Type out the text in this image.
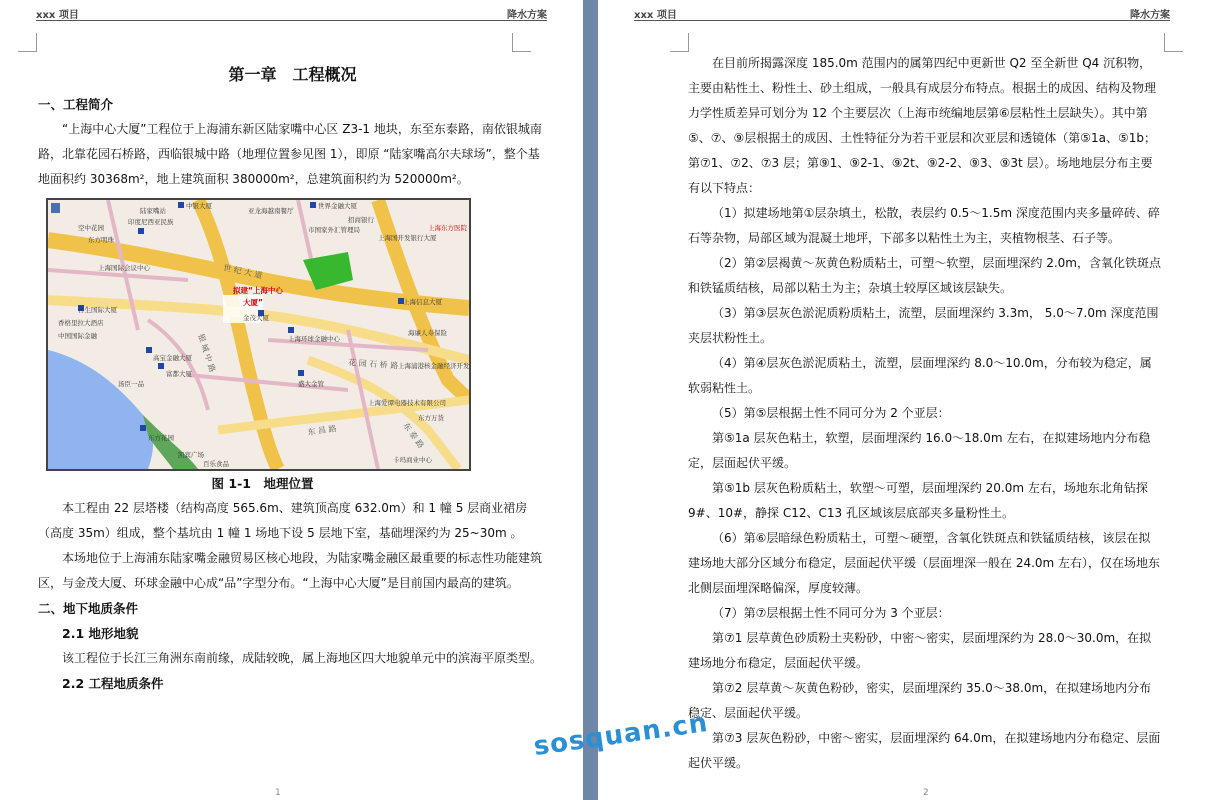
xxx 项目	降水方案
第一章　工程概况

一、工程简介

“上海中心大厦”工程位于上海浦东新区陆家嘴中心区 Z3-1 地块，东至东泰路，南依银城南路，北靠花园石桥路，西临银城中路（地理位置参见图 1），即原 “陆家嘴高尔夫球场”，整个基地面积约 30368m²，地上建筑面积 380000m²，总建筑面积约为 520000m²。

中银大厦
陆家嘴站
世界金融大厦
亚龙海越南餐厅
印度尼西亚民族	招商银行
市国家外汇管理局
上海国开发银行大厦
上海东方医院
空中花园
东方明珠
上海国际会议中心
合生国际大厦
上海信息大厦
金茂大厦
上海环球金融中心
海廉人寿保险
香格里拉大酒店
中国国际金融
高宝金融大厦
富都大厦
汤臣一品	盛大金管
上海浦港核金融经济开发区
上海爱谭电器技术有限公司
东方万货
东方花园
凯宾广场
百乐食品	卡玛商业中心
拟建“上海中心
大厦”
世 纪 大 道
银 城 中 路
东 昌 路	东 泰 路
花 园 石 桥 路

图 1-1　地理位置

本工程由 22 层塔楼（结构高度 565.6m、建筑顶高度 632.0m）和 1 幢 5 层商业裙房（高度 35m）组成，整个基坑由 1 幢 1 场地下设 5 层地下室，基础埋深约为 25~30m 。

本场地位于上海浦东陆家嘴金融贸易区核心地段，为陆家嘴金融区最重要的标志性功能建筑区，与金茂大厦、环球金融中心成“品”字型分布。“上海中心大厦”是目前国内最高的建筑。

二、地下地质条件

2.1 地形地貌

该工程位于长江三角洲东南前缘，成陆较晚，属上海地区四大地貌单元中的滨海平原类型。

2.2 工程地质条件

1
xxx 项目	降水方案

在目前所揭露深度 185.0m 范围内的属第四纪中更新世 Q2 至全新世 Q4 沉积物，主要由粘性土、粉性土、砂土组成，一般具有成层分布特点。根据土的成因、结构及物理力学性质差异可划分为 12 个主要层次（上海市统编地层第⑥层粘性土层缺失）。其中第⑤、⑦、⑨层根据土的成因、土性特征分为若干亚层和次亚层和透镜体（第⑤1a、⑤1b；第⑦1、⑦2、⑦3 层；第⑨1、⑨2-1、⑨2t、⑨2-2、⑨3、⑨3t 层）。场地地层分布主要有以下特点：

（1）拟建场地第①层杂填土，松散，表层约 0.5～1.5m 深度范围内夹多量碎砖、碎石等杂物，局部区域为混凝土地坪，下部多以粘性土为主，夹植物根茎、石子等。

（2）第②层褐黄～灰黄色粉质粘土，可塑～软塑，层面埋深约 2.0m，含氧化铁斑点和铁锰质结核，局部以粘土为主；杂填土较厚区域该层缺失。

（3）第③层灰色淤泥质粉质粘土，流塑，层面埋深约 3.3m， 5.0～7.0m 深度范围夹层状粉性土。

（4）第④层灰色淤泥质粘土，流塑，层面埋深约 8.0～10.0m，分布较为稳定，属软弱粘性土。

（5）第⑤层根据土性不同可分为 2 个亚层：

第⑤1a 层灰色粘土，软塑，层面埋深约 16.0～18.0m 左右，在拟建场地内分布稳定，层面起伏平缓。

第⑤1b 层灰色粉质粘土，软塑～可塑，层面埋深约 20.0m 左右，场地东北角钻探 9#、10#，静探 C12、C13 孔区域该层底部夹多量粉性土。

（6）第⑥层暗绿色粉质粘土，可塑～硬塑，含氧化铁斑点和铁锰质结核，该层在拟建场地大部分区域分布稳定，层面起伏平缓（层面埋深一般在 24.0m 左右），仅在场地东北侧层面埋深略偏深，厚度较薄。

（7）第⑦层根据土性不同可分为 3 个亚层：

第⑦1 层草黄色砂质粉土夹粉砂，中密～密实，层面埋深约为 28.0～30.0m，在拟建场地分布稳定，层面起伏平缓。

第⑦2 层草黄～灰黄色粉砂，密实，层面埋深约 35.0～38.0m，在拟建场地内分布稳定、层面起伏平缓。

第⑦3 层灰色粉砂，中密～密实，层面埋深约 64.0m，在拟建场地内分布稳定、层面起伏平缓。

2
sosquan.cn
